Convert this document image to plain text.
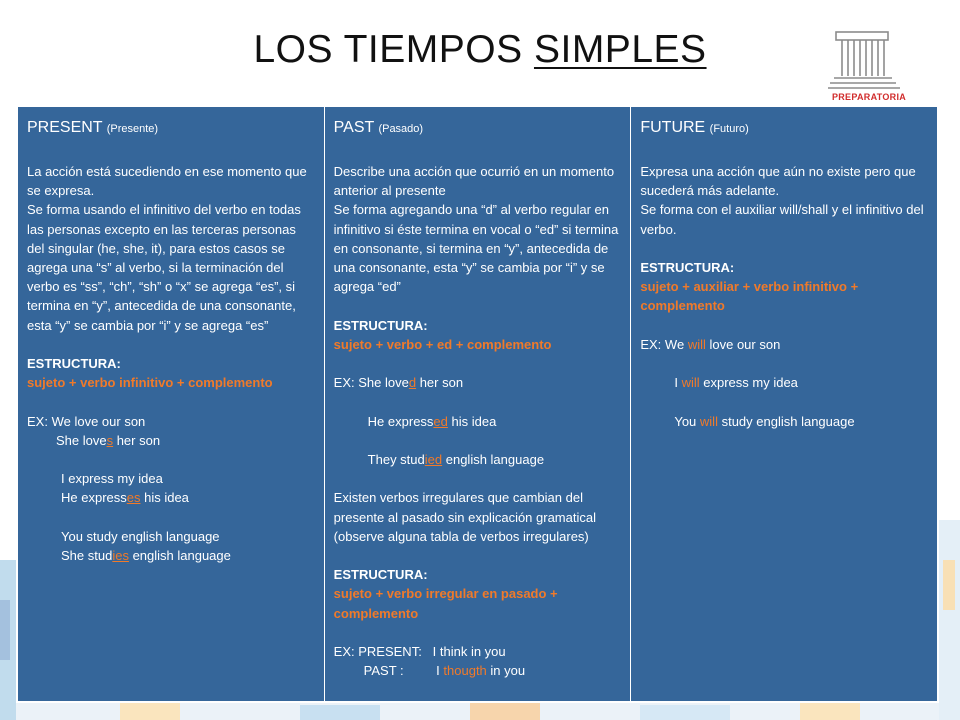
LOS TIEMPOS SIMPLES
PREPARATORIA
PRESENT (Presente)

La acción está sucediendo en ese momento que se expresa.

Se forma usando el infinitivo del verbo en todas las personas excepto en las terceras personas del singular (he, she, it), para estos casos se agrega una “s” al verbo, si la terminación del verbo es “ss”, “ch”, “sh” o “x” se agrega “es”, si termina en “y”, antecedida de una consonante, esta “y” se cambia por “i” y se agrega “es”

ESTRUCTURA:

sujeto + verbo infinitivo + complemento

EX: We love our son

She loves her son

I express my idea

He expresses his idea

You study english language

She studies english language

PAST (Pasado)

Describe una acción que ocurrió en un momento anterior al presente

Se forma agregando una “d” al verbo regular en infinitivo si éste termina en vocal o “ed” si termina en consonante, si termina en “y”, antecedida de una consonante, esta “y” se cambia por “i” y se agrega “ed”

ESTRUCTURA:

sujeto + verbo + ed + complemento

EX: She loved her son

He expressed his idea

They studied english language

Existen verbos irregulares que cambian del presente al pasado sin explicación gramatical (observe alguna tabla de verbos irregulares)

ESTRUCTURA:

sujeto + verbo irregular en pasado + complemento

EX: PRESENT: I think in you

PAST :	I thougth in you

FUTURE (Futuro)

Expresa una acción que aún no existe pero que sucederá más adelante.

Se forma con el auxiliar will/shall y el infinitivo del verbo.

ESTRUCTURA:

sujeto + auxiliar + verbo infinitivo + complemento

EX: We will love our son

I will express my idea

You will study english language
